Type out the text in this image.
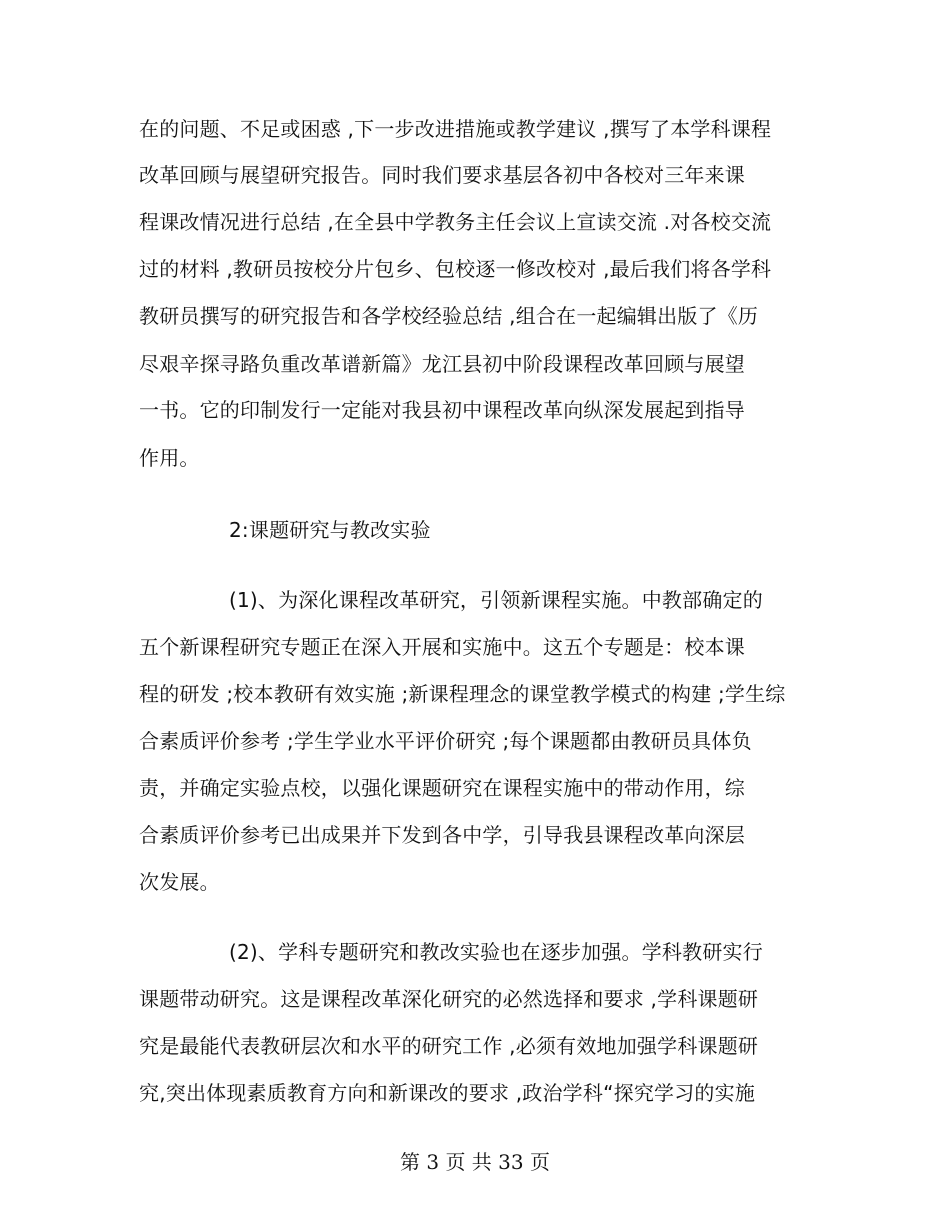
在的问题、不足或困惑 ,下一步改进措施或教学建议 ,撰写了本学科课程
改革回顾与展望研究报告。同时我们要求基层各初中各校对三年来课
程课改情况进行总结 ,在全县中学教务主任会议上宣读交流 .对各校交流
过的材料 ,教研员按校分片包乡、包校逐一修改校对 ,最后我们将各学科
教研员撰写的研究报告和各学校经验总结 ,组合在一起编辑出版了《历
尽艰辛探寻路负重改革谱新篇》龙江县初中阶段课程改革回顾与展望
一书。它的印制发行一定能对我县初中课程改革向纵深发展起到指导
作用。
2:课题研究与教改实验
(1)、为深化课程改革研究，引领新课程实施。中教部确定的
五个新课程研究专题正在深入开展和实施中。这五个专题是：校本课
程的研发 ;校本教研有效实施 ;新课程理念的课堂教学模式的构建 ;学生综
合素质评价参考 ;学生学业水平评价研究 ;每个课题都由教研员具体负
责，并确定实验点校，以强化课题研究在课程实施中的带动作用，综
合素质评价参考已出成果并下发到各中学，引导我县课程改革向深层
次发展。
(2)、学科专题研究和教改实验也在逐步加强。学科教研实行
课题带动研究。这是课程改革深化研究的必然选择和要求 ,学科课题研
究是最能代表教研层次和水平的研究工作 ,必须有效地加强学科课题研
究,突出体现素质教育方向和新课改的要求 ,政治学科“探究学习的实施
第 3 页 共 33 页
